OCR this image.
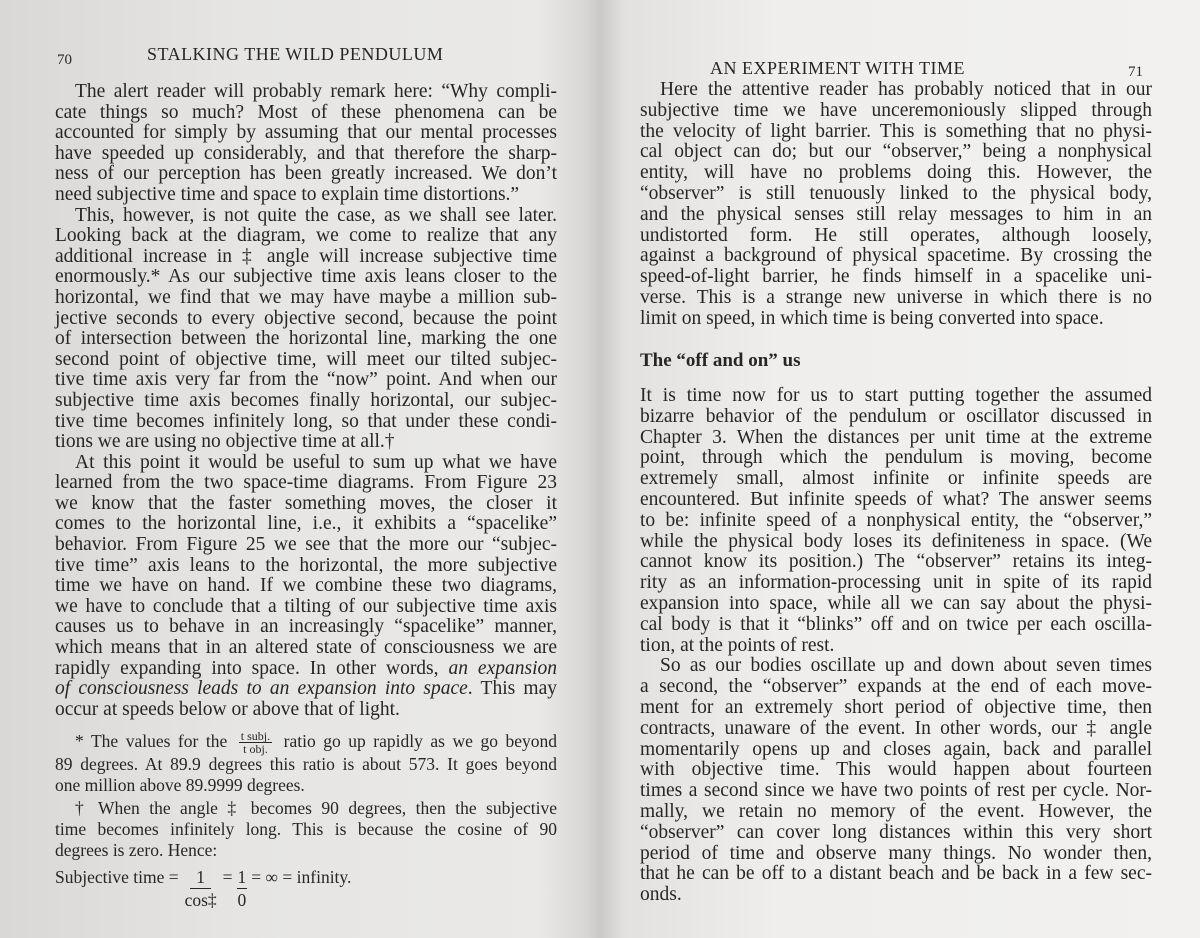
70	STALKING THE WILD PENDULUM
The alert reader will probably remark here: “Why compli-
cate things so much? Most of these phenomena can be
accounted for simply by assuming that our mental processes
have speeded up considerably, and that therefore the sharp-
ness of our perception has been greatly increased. We don’t
need subjective time and space to explain time distortions.”
This, however, is not quite the case, as we shall see later.
Looking back at the diagram, we come to realize that any
additional increase in ‡ angle will increase subjective time
enormously.* As our subjective time axis leans closer to the
horizontal, we find that we may have maybe a million sub-
jective seconds to every objective second, because the point
of intersection between the horizontal line, marking the one
second point of objective time, will meet our tilted subjec-
tive time axis very far from the “now” point. And when our
subjective time axis becomes finally horizontal, our subjec-
tive time becomes infinitely long, so that under these condi-
tions we are using no objective time at all.†
At this point it would be useful to sum up what we have
learned from the two space-time diagrams. From Figure 23
we know that the faster something moves, the closer it
comes to the horizontal line, i.e., it exhibits a “spacelike”
behavior. From Figure 25 we see that the more our “subjec-
tive time” axis leans to the horizontal, the more subjective
time we have on hand. If we combine these two diagrams,
we have to conclude that a tilting of our subjective time axis
causes us to behave in an increasingly “spacelike” manner,
which means that in an altered state of consciousness we are
rapidly expanding into space. In other words, an expansion
of consciousness leads to an expansion into space. This may
occur at speeds below or above that of light.
* The values for the $\frac{\text{t subj.}}{\text{t obj.}}$ ratio go up rapidly as we go beyond
89 degrees. At 89.9 degrees this ratio is about 573. It goes beyond
one million above 89.9999 degrees.
† When the angle ‡ becomes 90 degrees, then the subjective
time becomes infinitely long. This is because the cosine of 90
degrees is zero. Hence:
Subjective time = $\frac{1}{\cos\ddagger} = \frac{1}{0}$ = ∞ = infinity.
AN EXPERIMENT WITH TIME	71
Here the attentive reader has probably noticed that in our
subjective time we have unceremoniously slipped through
the velocity of light barrier. This is something that no physi-
cal object can do; but our “observer,” being a nonphysical
entity, will have no problems doing this. However, the
“observer” is still tenuously linked to the physical body,
and the physical senses still relay messages to him in an
undistorted form. He still operates, although loosely,
against a background of physical spacetime. By crossing the
speed-of-light barrier, he finds himself in a spacelike uni-
verse. This is a strange new universe in which there is no
limit on speed, in which time is being converted into space.
The “off and on” us
It is time now for us to start putting together the assumed
bizarre behavior of the pendulum or oscillator discussed in
Chapter 3. When the distances per unit time at the extreme
point, through which the pendulum is moving, become
extremely small, almost infinite or infinite speeds are
encountered. But infinite speeds of what? The answer seems
to be: infinite speed of a nonphysical entity, the “observer,”
while the physical body loses its definiteness in space. (We
cannot know its position.) The “observer” retains its integ-
rity as an information-processing unit in spite of its rapid
expansion into space, while all we can say about the physi-
cal body is that it “blinks” off and on twice per each oscilla-
tion, at the points of rest.
So as our bodies oscillate up and down about seven times
a second, the “observer” expands at the end of each move-
ment for an extremely short period of objective time, then
contracts, unaware of the event. In other words, our ‡ angle
momentarily opens up and closes again, back and parallel
with objective time. This would happen about fourteen
times a second since we have two points of rest per cycle. Nor-
mally, we retain no memory of the event. However, the
“observer” can cover long distances within this very short
period of time and observe many things. No wonder then,
that he can be off to a distant beach and be back in a few sec-
onds.
